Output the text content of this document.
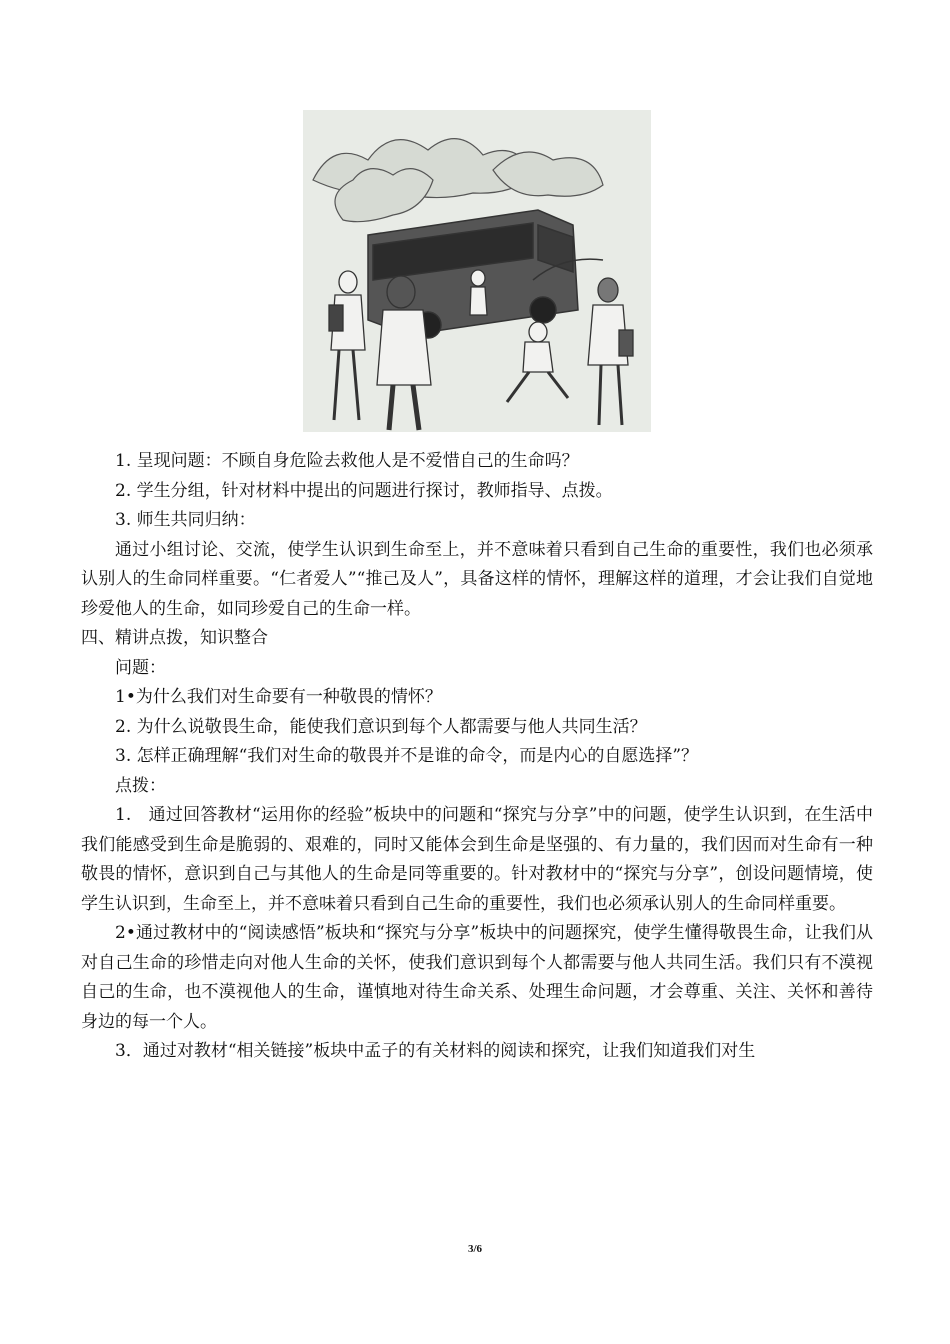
1. 呈现问题：不顾自身危险去救他人是不爱惜自己的生命吗？

2. 学生分组，针对材料中提出的问题进行探讨，教师指导、点拨。

3. 师生共同归纳：

通过小组讨论、交流，使学生认识到生命至上，并不意味着只看到自己生命的重要性，我们也必须承认别人的生命同样重要。“仁者爱人”“推己及人”，具备这样的情怀，理解这样的道理，才会让我们自觉地珍爱他人的生命，如同珍爱自己的生命一样。

四、精讲点拨，知识整合

问题：

1•为什么我们对生命要有一种敬畏的情怀？

2. 为什么说敬畏生命，能使我们意识到每个人都需要与他人共同生活？

3. 怎样正确理解“我们对生命的敬畏并不是谁的命令，而是内心的自愿选择”？

点拨：

1.　通过回答教材“运用你的经验”板块中的问题和“探究与分享”中的问题，使学生认识到，在生活中我们能感受到生命是脆弱的、艰难的，同时又能体会到生命是坚强的、有力量的，我们因而对生命有一种敬畏的情怀，意识到自己与其他人的生命是同等重要的。针对教材中的“探究与分享”，创设问题情境，使学生认识到，生命至上，并不意味着只看到自己生命的重要性，我们也必须承认别人的生命同样重要。

2•通过教材中的“阅读感悟”板块和“探究与分享”板块中的问题探究，使学生懂得敬畏生命，让我们从对自己生命的珍惜走向对他人生命的关怀，使我们意识到每个人都需要与他人共同生活。我们只有不漠视自己的生命，也不漠视他人的生命，谨慎地对待生命关系、处理生命问题，才会尊重、关注、关怀和善待身边的每一个人。

3．通过对教材“相关链接”板块中孟子的有关材料的阅读和探究，让我们知道我们对生

3/6
